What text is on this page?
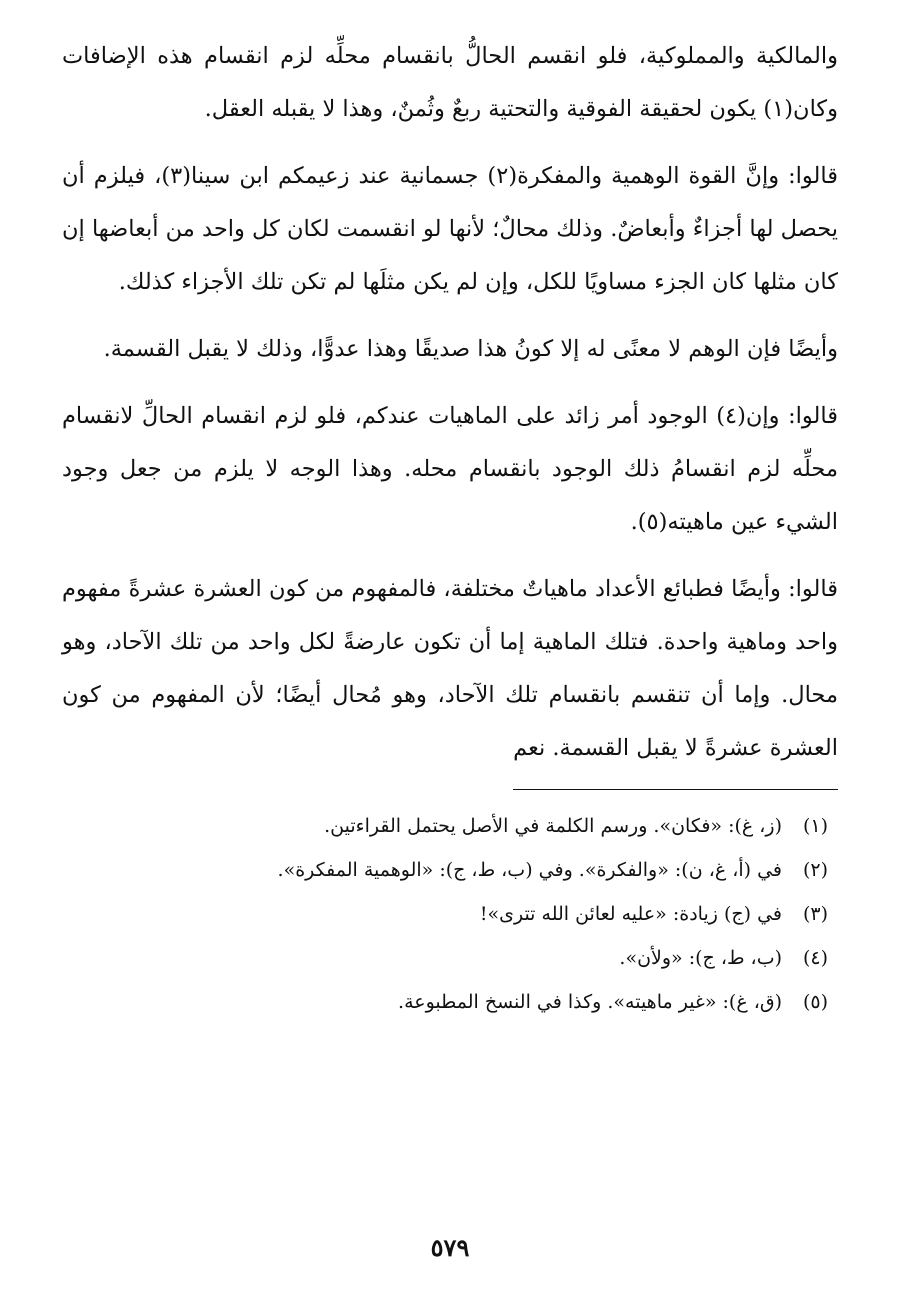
والمالكية والمملوكية، فلو انقسم الحالُّ بانقسام محلِّه لزم انقسام هذه الإضافات وكان(١) يكون لحقيقة الفوقية والتحتية ربعٌ وثُمنٌ، وهذا لا يقبله العقل.

قالوا: وإنَّ القوة الوهمية والمفكرة(٢) جسمانية عند زعيمكم ابن سينا(٣)، فيلزم أن يحصل لها أجزاءٌ وأبعاضٌ. وذلك محالٌ؛ لأنها لو انقسمت لكان كل واحد من أبعاضها إن كان مثلها كان الجزء مساويًا للكل، وإن لم يكن مثلَها لم تكن تلك الأجزاء كذلك.

وأيضًا فإن الوهم لا معنًى له إلا كونُ هذا صديقًا وهذا عدوًّا، وذلك لا يقبل القسمة.

قالوا: وإن(٤) الوجود أمر زائد على الماهيات عندكم، فلو لزم انقسام الحالِّ لانقسام محلِّه لزم انقسامُ ذلك الوجود بانقسام محله. وهذا الوجه لا يلزم من جعل وجود الشيء عين ماهيته(٥).

قالوا: وأيضًا فطبائع الأعداد ماهياتٌ مختلفة، فالمفهوم من كون العشرة عشرةً مفهوم واحد وماهية واحدة. فتلك الماهية إما أن تكون عارضةً لكل واحد من تلك الآحاد، وهو محال. وإما أن تنقسم بانقسام تلك الآحاد، وهو مُحال أيضًا؛ لأن المفهوم من كون العشرة عشرةً لا يقبل القسمة. نعم

(١)
(ز، غ): «فكان». ورسم الكلمة في الأصل يحتمل القراءتين.
(٢)
في (أ، غ، ن): «والفكرة». وفي (ب، ط، ج): «الوهمية المفكرة».
(٣)
في (ج) زيادة: «عليه لعائن الله تترى»!
(٤)
(ب، ط، ج): «ولأن».
(٥)
(ق، غ): «غير ماهيته». وكذا في النسخ المطبوعة.
٥٧٩
